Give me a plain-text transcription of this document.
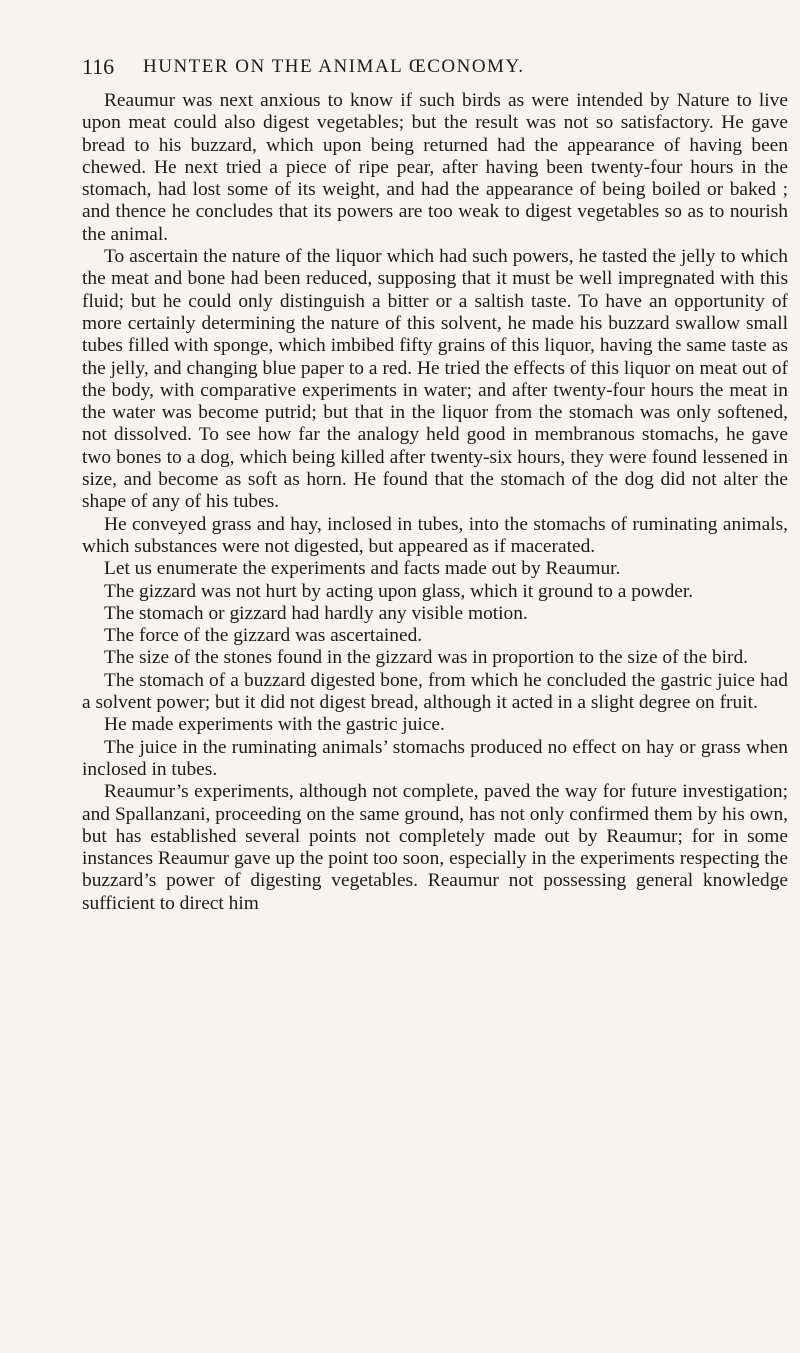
116 HUNTER ON THE ANIMAL ŒCONOMY.

Reaumur was next anxious to know if such birds as were intended by Nature to live upon meat could also digest vegetables; but the result was not so satisfactory. He gave bread to his buzzard, which upon being returned had the appearance of having been chewed. He next tried a piece of ripe pear, after having been twenty-four hours in the stomach, had lost some of its weight, and had the appearance of being boiled or baked ; and thence he concludes that its powers are too weak to digest vegetables so as to nourish the animal.

To ascertain the nature of the liquor which had such powers, he tasted the jelly to which the meat and bone had been reduced, supposing that it must be well impregnated with this fluid; but he could only distinguish a bitter or a saltish taste. To have an opportunity of more certainly determining the nature of this solvent, he made his buzzard swallow small tubes filled with sponge, which imbibed fifty grains of this liquor, having the same taste as the jelly, and changing blue paper to a red. He tried the effects of this liquor on meat out of the body, with comparative experiments in water; and after twenty-four hours the meat in the water was become putrid; but that in the liquor from the stomach was only softened, not dissolved. To see how far the analogy held good in membranous stomachs, he gave two bones to a dog, which being killed after twenty-six hours, they were found lessened in size, and become as soft as horn. He found that the stomach of the dog did not alter the shape of any of his tubes.

He conveyed grass and hay, inclosed in tubes, into the stomachs of ruminating animals, which substances were not digested, but appeared as if macerated.

Let us enumerate the experiments and facts made out by Reaumur.

The gizzard was not hurt by acting upon glass, which it ground to a powder.

The stomach or gizzard had hardly any visible motion.

The force of the gizzard was ascertained.

The size of the stones found in the gizzard was in proportion to the size of the bird.

The stomach of a buzzard digested bone, from which he concluded the gastric juice had a solvent power; but it did not digest bread, although it acted in a slight degree on fruit.

He made experiments with the gastric juice.

The juice in the ruminating animals’ stomachs produced no effect on hay or grass when inclosed in tubes.

Reaumur’s experiments, although not complete, paved the way for future investigation; and Spallanzani, proceeding on the same ground, has not only confirmed them by his own, but has established several points not completely made out by Reaumur; for in some instances Reaumur gave up the point too soon, especially in the experiments respecting the buzzard’s power of digesting vegetables. Reaumur not possessing general knowledge sufficient to direct him
